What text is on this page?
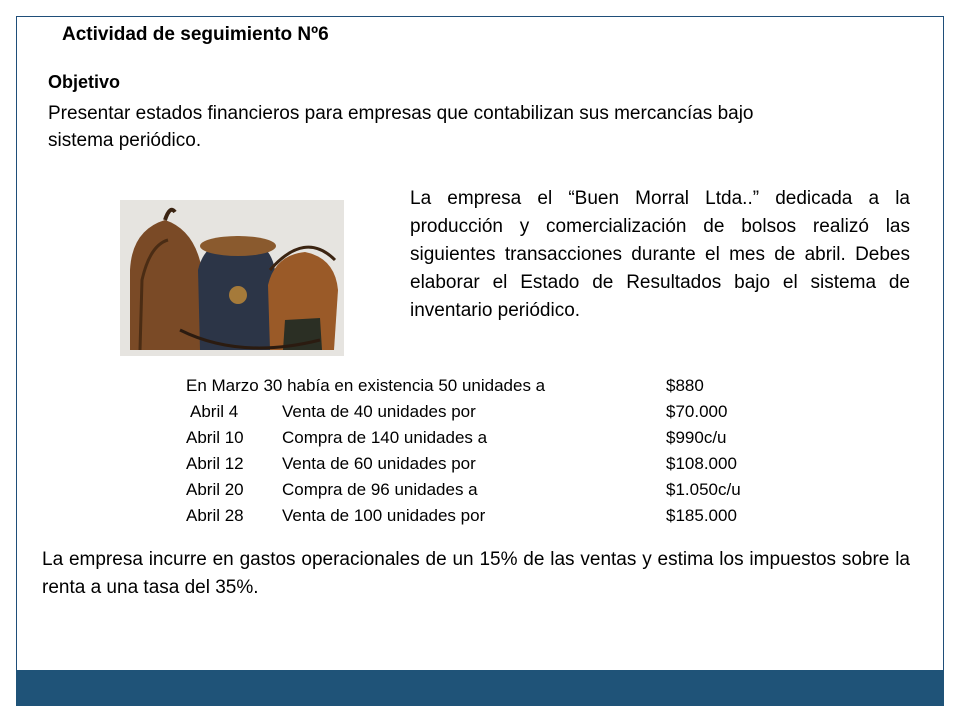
Actividad de seguimiento Nº6
Objetivo
Presentar estados financieros para empresas que contabilizan sus mercancías bajo sistema periódico.
La empresa el “Buen Morral Ltda..” dedicada a la producción y comercialización de bolsos realizó las siguientes transacciones durante el mes de abril. Debes elaborar el Estado de Resultados bajo el sistema de inventario periódico.
En Marzo 30 había en existencia 50 unidades a	$880
Abril 4	Venta de 40 unidades por	$70.000
Abril 10 Compra de 140 unidades a	$990c/u
Abril 12 Venta de 60 unidades por	$108.000
Abril 20 Compra de 96 unidades a	$1.050c/u
Abril 28 Venta de 100 unidades por	$185.000
La empresa incurre en gastos operacionales de un 15% de las ventas y estima los impuestos sobre la renta a una tasa del 35%.
